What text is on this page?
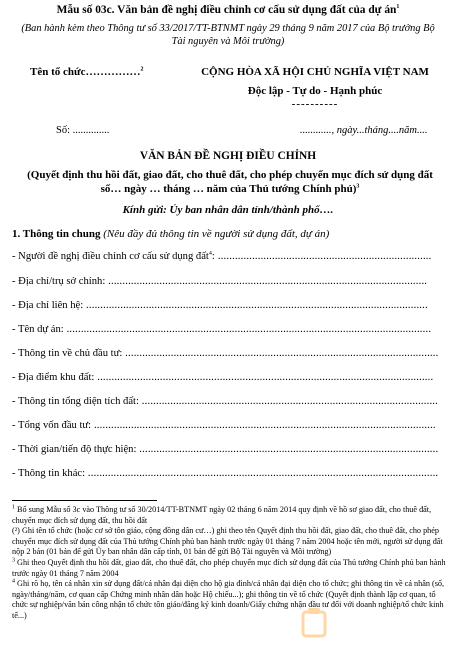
Mẫu số 03c. Văn bản đề nghị điều chỉnh cơ cấu sử dụng đất của dự $án^1$
(Ban hành kèm theo Thông tư số 33/2017/TT-BTNMT ngày 29 tháng 9 năm 2017 của Bộ trưởng Bộ Tài nguyên và Môi trường)
Tên tổ chức……………$^2$	CỘNG HÒA XÃ HỘI CHỦ NGHĨA VIỆT NAM
Độc lập - Tự do - Hạnh phúc
----------
Số: ..............	............, ngày...tháng....năm....
VĂN BẢN ĐỀ NGHỊ ĐIỀU CHỈNH
(Quyết định thu hồi đất, giao đất, cho thuê đất, cho phép chuyển mục đích sử dụng đất số… ngày … tháng … năm của Thủ tướng Chính phủ)$^3$
Kính gửi: Ủy ban nhân dân tỉnh/thành phố….
1. Thông tin chung (Nêu đầy đủ thông tin về người sử dụng đất, dự án)
- Người đề nghị điều chỉnh cơ cấu sử dụng đất$^4$: ...........................................................................
- Địa chỉ/trụ sở chính: ................................................................................................................
- Địa chỉ liên hệ: ........................................................................................................................
- Tên dự án: ................................................................................................................................
- Thông tin về chủ đầu tư: ..............................................................................................................
- Địa điểm khu đất: ......................................................................................................................
- Thông tin tổng diện tích đất: ........................................................................................................
- Tổng vốn đầu tư: ........................................................................................................................
- Thời gian/tiến độ thực hiện: .........................................................................................................
- Thông tin khác: ...........................................................................................................................

$^1$ Bổ sung Mẫu số 3c vào Thông tư số 30/2014/TT-BTNMT ngày 02 tháng 6 năm 2014 quy định về hồ sơ giao đất, cho thuê đất, chuyển mục đích sử dụng đất, thu hồi đất

(²) Ghi tên tổ chức (hoặc cơ sở tôn giáo, cộng đồng dân cư…) ghi theo tên Quyết định thu hồi đất, giao đất, cho thuê đất, cho phép chuyển mục đích sử dụng đất của Thủ tướng Chính phủ ban hành trước ngày 01 tháng 7 năm 2004 hoặc tên mới, người sử dụng đất nộp 2 bản (01 bản để gửi Ủy ban nhân dân cấp tỉnh, 01 bản để gửi Bộ Tài nguyên và Môi trường)

$^3$ Ghi theo Quyết định thu hồi đất, giao đất, cho thuê đất, cho phép chuyển mục đích sử dụng đất của Thủ tướng Chính phủ ban hành trước ngày 01 tháng 7 năm 2004

$^4$ Ghi rõ họ, tên cá nhân xin sử dụng đất/cá nhân đại diện cho hộ gia đình/cá nhân đại diện cho tổ chức; ghi thông tin về cá nhân (số, ngày/tháng/năm, cơ quan cấp Chứng minh nhân dân hoặc Hộ chiếu...); ghi thông tin về tổ chức (Quyết định thành lập cơ quan, tổ chức sự nghiệp/văn bản công nhận tổ chức tôn giáo/đăng ký kinh doanh/Giấy chứng nhận đầu tư đối với doanh nghiệp/tổ chức kinh tế...)
